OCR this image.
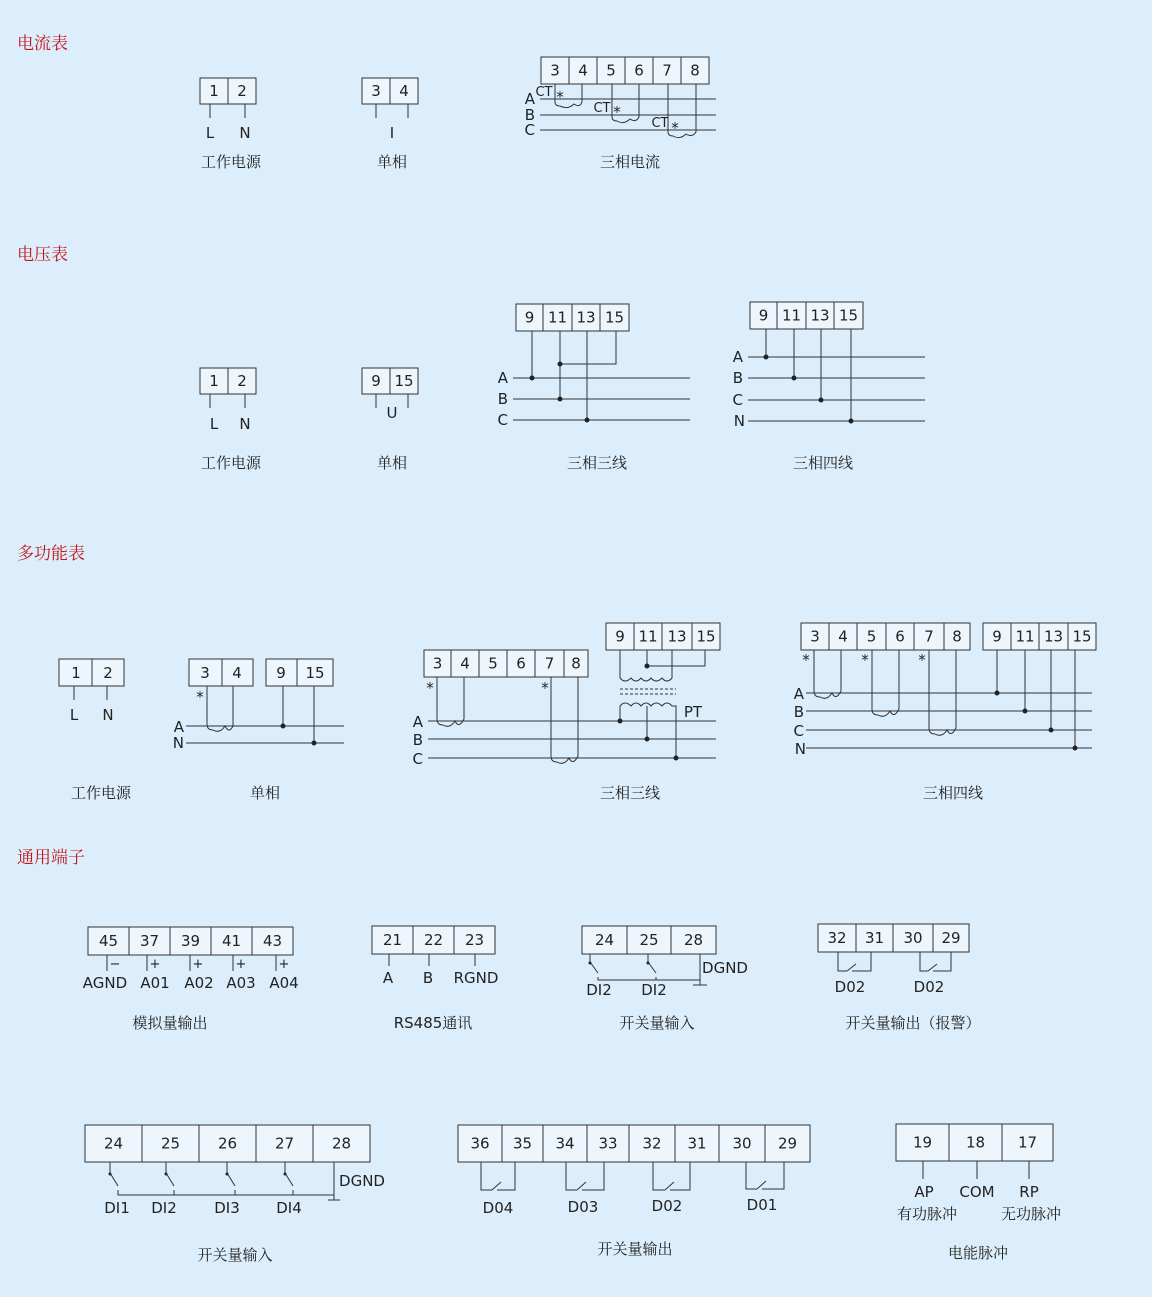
电流表
1 2
L N
工作电源
3 4
I
单相
3 4 5 6 7 8
A
B
C
CT
CT
CT
*
*
*
三相电流
电压表
1 2
L N
工作电源
9 15
U
单相
9 11 13 15
A
B
C
三相三线
9 11 13 15
A
B
C
N
三相四线
多功能表
1 2
L N
工作电源
3 4 9 15
A
N
*
单相
3 4 5 6 7 8
9 11 13 15
A
B
C
*	*
PT
三相三线
3 4 5 6 7 8 9 11 13 15
A
B
C
N
*	*	*
三相四线
通用端子
45 37 39 41 43
− + + + +
AGND A01 A02 A03 A04
模拟量输出
21 22 23
A B RGND
RS485通讯
24 25 28
DGND
DI2 DI2
开关量输入
32 31 30 29
D02	D02
开关量输出（报警）
24	25	26	27	28
DGND
DI1 DI2 DI3 DI4
开关量输入
36 35 34 33 32 31 30 29
D04	D03	D02	D01
开关量输出
19 18 17
AP COM RP
有功脉冲	无功脉冲
电能脉冲
